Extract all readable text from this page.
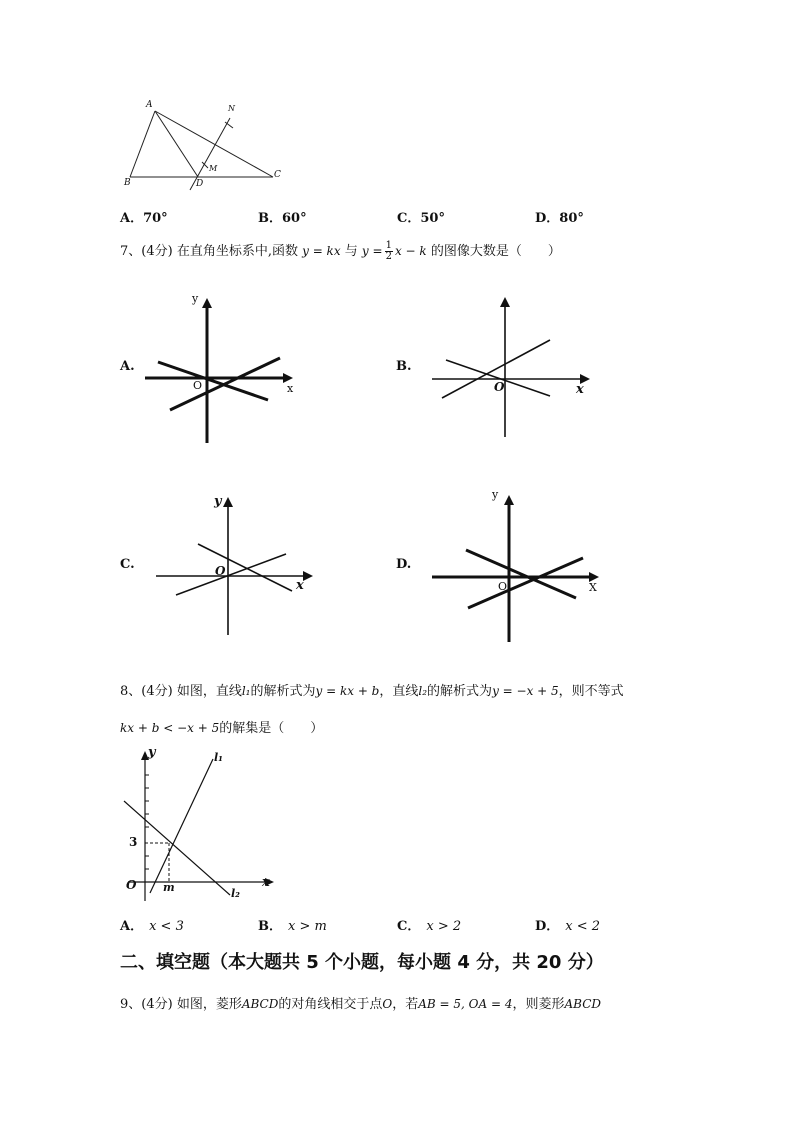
A
B
C
D
M
N
A．70°	B．60°	C．50°	D．80°
7、(4分) 在直角坐标系中,函数 y = kx 与 $y = \frac{1}{2}$ x − k 的图像大数是（　　）
A.
y
x
O
B.
x
O
C.
y
x
O	D.
y
X
O
8、(4分) 如图，直线l₁的解析式为y = kx + b，直线l₂的解析式为y = −x + 5，则不等式
kx + b < −x + 5的解集是（　　）
y
x
O
3
m
l₁
l₂
A． x < 3	B． x > m	C． x > 2	D． x < 2
二、填空题（本大题共 5 个小题，每小题 4 分，共 20 分）
9、(4分) 如图，菱形ABCD的对角线相交于点O，若AB = 5, OA = 4，则菱形ABCD
